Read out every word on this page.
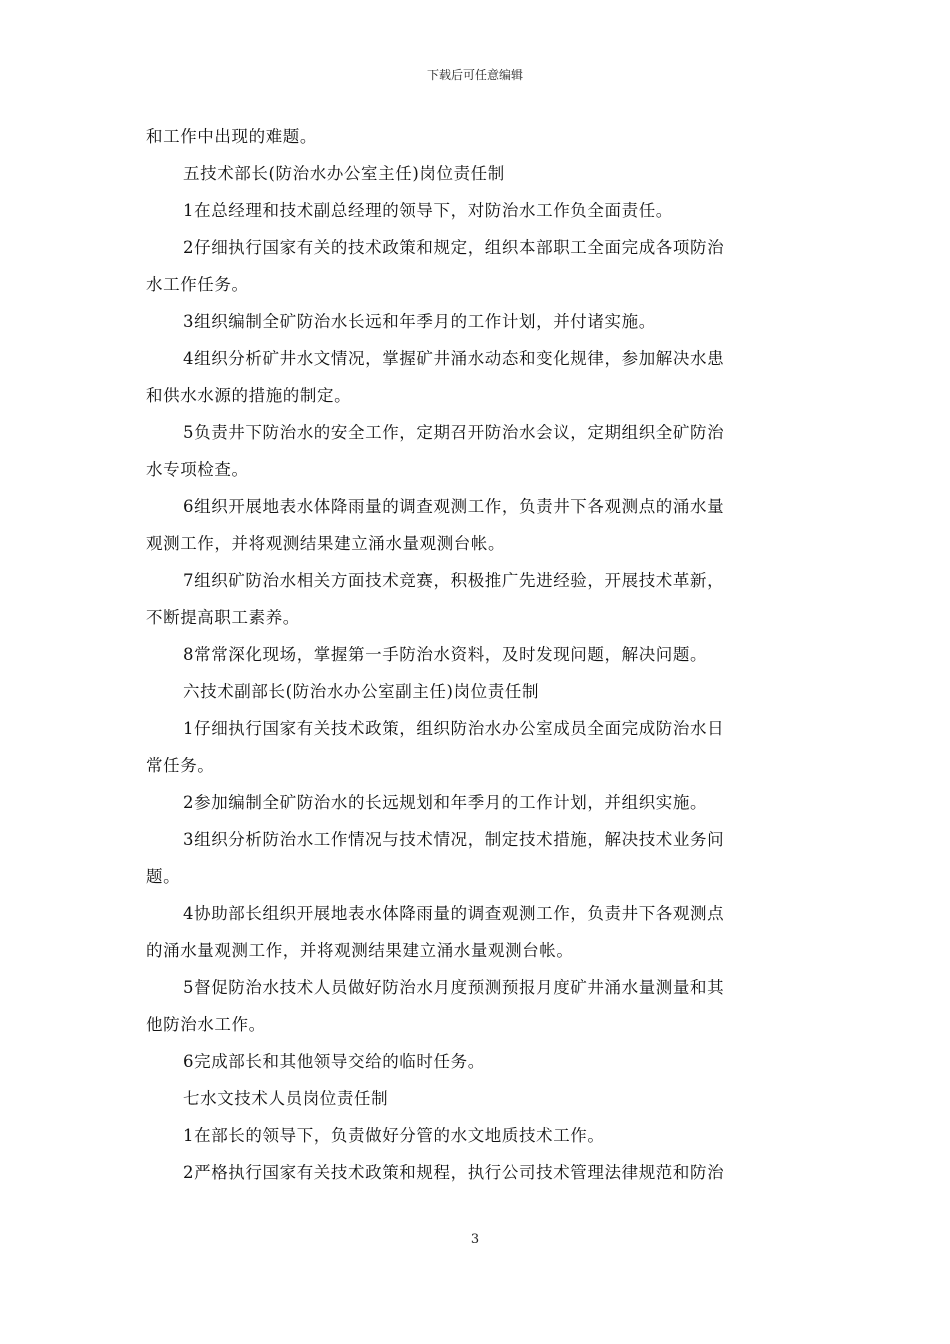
下载后可任意编辑
和工作中出现的难题。
五技术部长(防治水办公室主任)岗位责任制
1在总经理和技术副总经理的领导下，对防治水工作负全面责任。
2仔细执行国家有关的技术政策和规定，组织本部职工全面完成各项防治
水工作任务。
3组织编制全矿防治水长远和年季月的工作计划，并付诸实施。
4组织分析矿井水文情况，掌握矿井涌水动态和变化规律，参加解决水患
和供水水源的措施的制定。
5负责井下防治水的安全工作，定期召开防治水会议，定期组织全矿防治
水专项检查。
6组织开展地表水体降雨量的调查观测工作，负责井下各观测点的涌水量
观测工作，并将观测结果建立涌水量观测台帐。
7组织矿防治水相关方面技术竞赛，积极推广先进经验，开展技术革新，
不断提高职工素养。
8常常深化现场，掌握第一手防治水资料，及时发现问题，解决问题。
六技术副部长(防治水办公室副主任)岗位责任制
1仔细执行国家有关技术政策，组织防治水办公室成员全面完成防治水日
常任务。
2参加编制全矿防治水的长远规划和年季月的工作计划，并组织实施。
3组织分析防治水工作情况与技术情况，制定技术措施，解决技术业务问
题。
4协助部长组织开展地表水体降雨量的调查观测工作，负责井下各观测点
的涌水量观测工作，并将观测结果建立涌水量观测台帐。
5督促防治水技术人员做好防治水月度预测预报月度矿井涌水量测量和其
他防治水工作。
6完成部长和其他领导交给的临时任务。
七水文技术人员岗位责任制
1在部长的领导下，负责做好分管的水文地质技术工作。
2严格执行国家有关技术政策和规程，执行公司技术管理法律规范和防治
3
